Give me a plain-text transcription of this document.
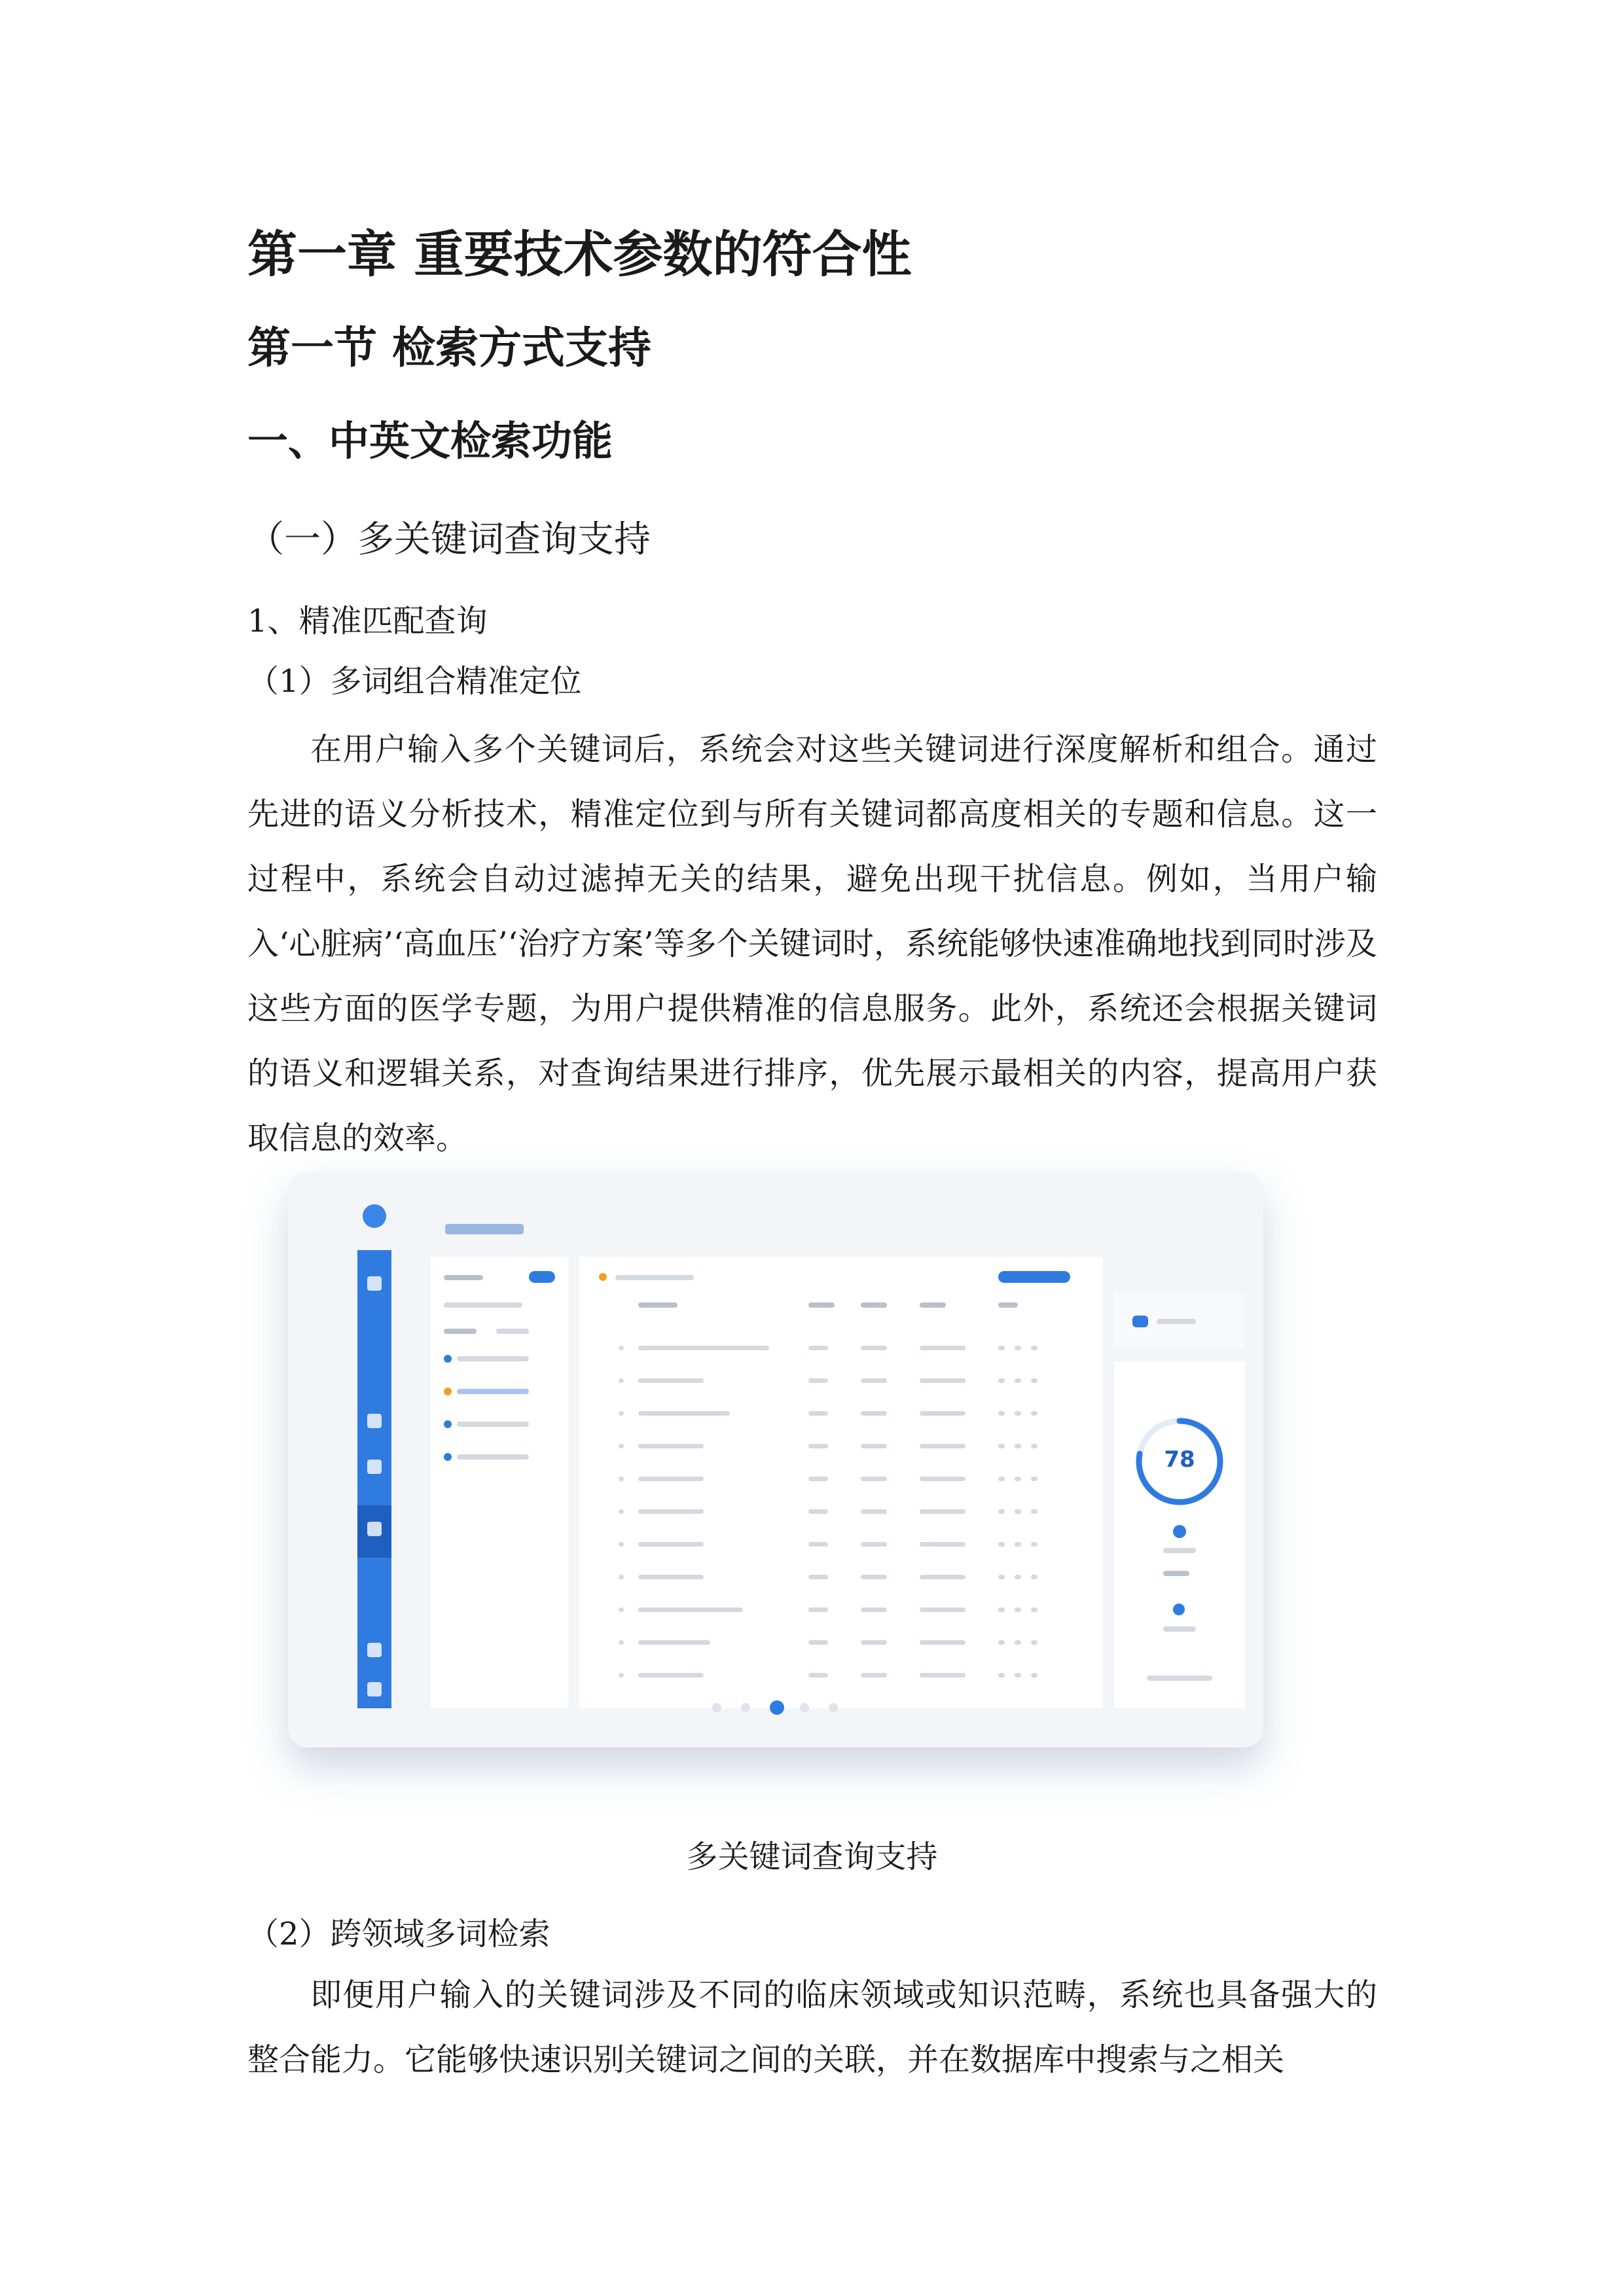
第一章 重要技术参数的符合性
第一节 检索方式支持
一、中英文检索功能
（一）多关键词查询支持
1、精准匹配查询
（1）多词组合精准定位

在用户输入多个关键词后，系统会对这些关键词进行深度解析和组合。通过先进的语义分析技术，精准定位到与所有关键词都高度相关的专题和信息。这一过程中，系统会自动过滤掉无关的结果，避免出现干扰信息。例如，当用户输入‘心脏病’‘高血压’‘治疗方案’等多个关键词时，系统能够快速准确地找到同时涉及这些方面的医学专题，为用户提供精准的信息服务。此外，系统还会根据关键词的语义和逻辑关系，对查询结果进行排序，优先展示最相关的内容，提高用户获取信息的效率。

78
多关键词查询支持
（2）跨领域多词检索

即便用户输入的关键词涉及不同的临床领域或知识范畴，系统也具备强大的整合能力。它能够快速识别关键词之间的关联，并在数据库中搜索与之相关
